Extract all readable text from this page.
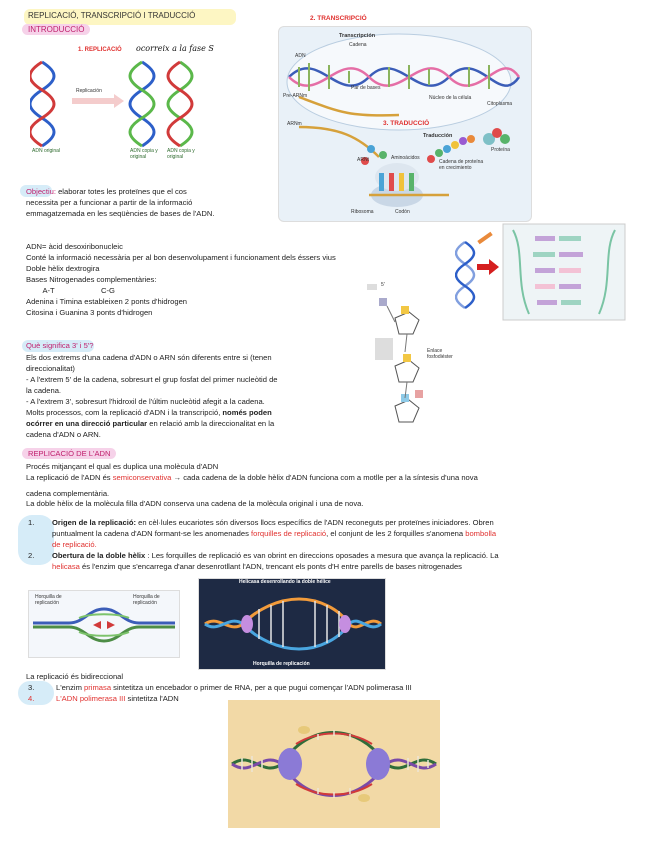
REPLICACIÓ, TRANSCRIPCIÓ I TRADUCCIÓ
INTRODUCCIÓ
1. REPLICACIÓ ocorreix a la fase S
2. TRANSCRIPCIÓ
Replicación
ADN original	ADN copia y original
ADN copia y original
Transcripción
Cadena
ADN
Par de bases
Pre-ARNm	Núcleo de la célula
Citoplasma
ARNm	3. TRADUCCIÓ
Traducción
Aminoácidos
ARNt	Cadena de proteína en crecimiento
Proteína
Ribosoma	Codón
Objectiu: elaborar totes les proteïnes que el cos
necessita per a funcionar a partir de la informació
emmagatzemada en les seqüències de bases de l'ADN.
ADN= àcid desoxiribonucleic
Conté la informació necessària per al bon desenvolupament i funcionament dels éssers vius
Doble hèlix dextrogira
Bases Nitrogenades complementàries:
A-T                      C-G
Adenina i Timina estableixen 2 ponts d'hidrogen
Citosina i Guanina 3 ponts d'hidrogen
5'
Enlace fosfodiéster
Què significa 3' i 5'?
Els dos extrems d'una cadena d'ADN o ARN són diferents entre si (tenen
direccionalitat)
- A l'extrem 5' de la cadena, sobresurt el grup fosfat del primer nucleòtid de
la cadena.
- A l'extrem 3', sobresurt l'hidroxil de l'últim nucleòtid afegit a la cadena.
Molts processos, com la replicació d'ADN i la transcripció, només poden
ocórrer en una direcció particular en relació amb la direccionalitat en la
cadena d'ADN o ARN.
REPLICACIÓ DE L'ADN
Procés mitjançant el qual es duplica una molècula d'ADN
La replicació de l'ADN és semiconservativa → cada cadena de la doble hèlix d'ADN funciona com a motlle per a la síntesis d'una nova
cadena complementària.
La doble hèlix de la molècula filla d'ADN conserva una cadena de la molècula original i una de nova.
1. Origen de la replicació: en cèl·lules eucariotes són diversos llocs específics de l'ADN reconeguts per proteïnes iniciadores. Obren
puntualment la cadena d'ADN formant-se les anomenades forquilles de replicació, el conjunt de les 2 forquilles s'anomena bombolla
de replicació.
2. Obertura de la doble hèlix : Les forquilles de replicació es van obrint en direccions oposades a mesura que avança la replicació. La
helicasa és l'enzim que s'encarrega d'anar desenrotllant l'ADN, trencant els ponts d'H entre parells de bases nitrogenades
Horquilla de replicación
Horquilla de replicación
Helicasa desenrollando la doble hélice
Horquilla de replicación
La replicació és bidireccional
3.	L'enzim primasa sintetitza un encebador o primer de RNA, per a que pugui començar l'ADN polimerasa III
4.	L'ADN polimerasa III sintetitza l'ADN
